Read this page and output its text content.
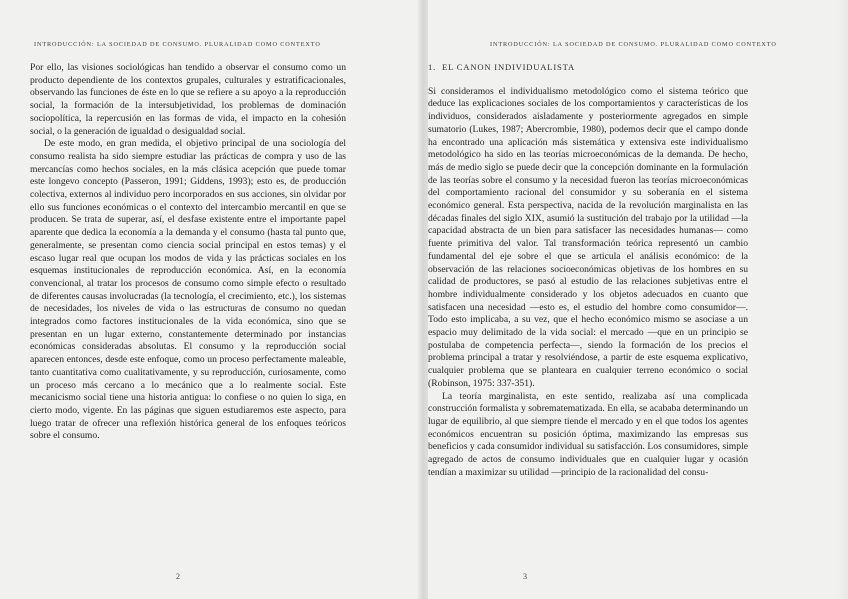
INTRODUCCIÓN: LA SOCIEDAD DE CONSUMO. PLURALIDAD COMO CONTEXTO

Por ello, las visiones sociológicas han tendido a observar el consumo como un producto dependiente de los contextos grupales, culturales y estratificacionales, observando las funciones de éste en lo que se refiere a su apoyo a la reproducción social, la formación de la intersubjetividad, los problemas de dominación sociopolítica, la repercusión en las formas de vida, el impacto en la cohesión social, o la generación de igualdad o desigualdad social.

De este modo, en gran medida, el objetivo principal de una sociología del consumo realista ha sido siempre estudiar las prácticas de compra y uso de las mercancías como hechos sociales, en la más clásica acepción que puede tomar este longevo concepto (Passeron, 1991; Giddens, 1993); esto es, de producción colectiva, externos al individuo pero incorporados en sus acciones, sin olvidar por ello sus funciones económicas o el contexto del intercambio mercantil en que se producen. Se trata de superar, así, el desfase existente entre el importante papel aparente que dedica la economía a la demanda y el consumo (hasta tal punto que, generalmente, se presentan como ciencia social principal en estos temas) y el escaso lugar real que ocupan los modos de vida y las prácticas sociales en los esquemas institucionales de reproducción económica. Así, en la economía convencional, al tratar los procesos de consumo como simple efecto o resultado de diferentes causas involucradas (la tecnología, el crecimiento, etc.), los sistemas de necesidades, los niveles de vida o las estructuras de consumo no quedan integrados como factores institucionales de la vida económica, sino que se presentan en un lugar externo, constantemente determinado por instancias económicas consideradas absolutas. El consumo y la reproducción social aparecen entonces, desde este enfoque, como un proceso perfectamente maleable, tanto cuantitativa como cualitativamente, y su reproducción, curiosamente, como un proceso más cercano a lo mecánico que a lo realmente social. Este mecanicismo social tiene una historia antigua: lo confiese o no quien lo siga, en cierto modo, vigente. En las páginas que siguen estudiaremos este aspecto, para luego tratar de ofrecer una reflexión histórica general de los enfoques teóricos sobre el consumo.

2
INTRODUCCIÓN: LA SOCIEDAD DE CONSUMO. PLURALIDAD COMO CONTEXTO
1. EL CANON INDIVIDUALISTA

Si consideramos el individualismo metodológico como el sistema teórico que deduce las explicaciones sociales de los comportamientos y características de los individuos, considerados aisladamente y posteriormente agregados en simple sumatorio (Lukes, 1987; Abercrombie, 1980), podemos decir que el campo donde ha encontrado una aplicación más sistemática y extensiva este individualismo metodológico ha sido en las teorías microeconómicas de la demanda. De hecho, más de medio siglo se puede decir que la concepción dominante en la formulación de las teorías sobre el consumo y la necesidad fueron las teorías microeconómicas del comportamiento racional del consumidor y su soberanía en el sistema económico general. Esta perspectiva, nacida de la revolución marginalista en las décadas finales del siglo XIX, asumió la sustitución del trabajo por la utilidad —la capacidad abstracta de un bien para satisfacer las necesidades humanas— como fuente primitiva del valor. Tal transformación teórica representó un cambio fundamental del eje sobre el que se articula el análisis económico: de la observación de las relaciones socioeconómicas objetivas de los hombres en su calidad de productores, se pasó al estudio de las relaciones subjetivas entre el hombre individualmente considerado y los objetos adecuados en cuanto que satisfacen una necesidad —esto es, el estudio del hombre como consumidor—. Todo esto implicaba, a su vez, que el hecho económico mismo se asociase a un espacio muy delimitado de la vida social: el mercado —que en un principio se postulaba de competencia perfecta—, siendo la formación de los precios el problema principal a tratar y resolviéndose, a partir de este esquema explicativo, cualquier problema que se planteara en cualquier terreno económico o social (Robinson, 1975: 337-351).

La teoría marginalista, en este sentido, realizaba así una complicada construcción formalista y sobrematematizada. En ella, se acababa determinando un lugar de equilibrio, al que siempre tiende el mercado y en el que todos los agentes económicos encuentran su posición óptima, maximizando las empresas sus beneficios y cada consumidor individual su satisfacción. Los consumidores, simple agregado de actos de consumo individuales que en cualquier lugar y ocasión tendían a maximizar su utilidad —principio de la racionalidad del consu-

3
